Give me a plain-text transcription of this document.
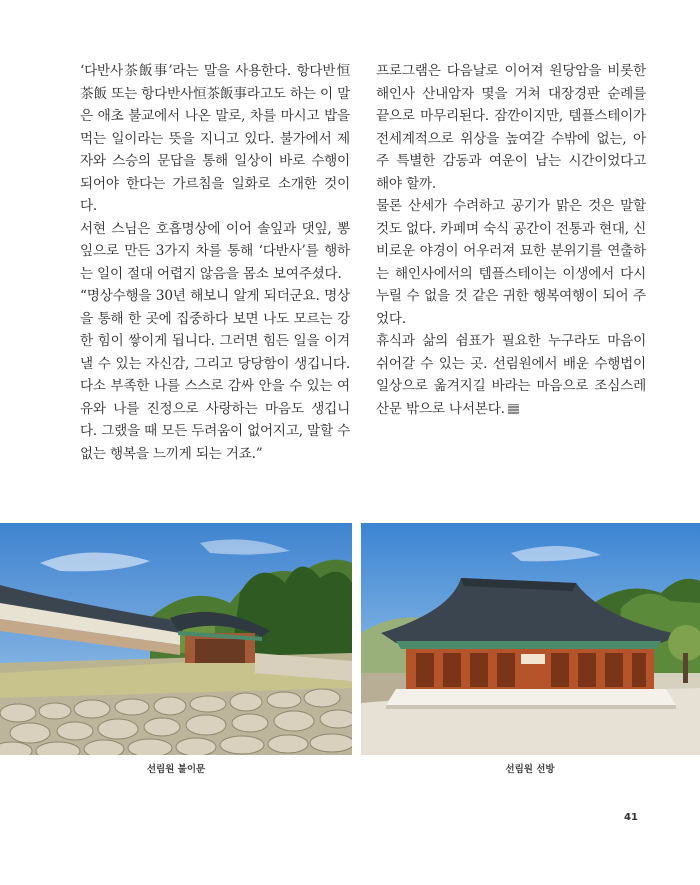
‘다반사茶飯事’라는 말을 사용한다. 항다반恒茶飯 또는 항다반사恒茶飯事라고도 하는 이 말은 애초 불교에서 나온 말로, 차를 마시고 밥을 먹는 일이라는 뜻을 지니고 있다. 불가에서 제자와 스승의 문답을 통해 일상이 바로 수행이 되어야 한다는 가르침을 일화로 소개한 것이다.

서현 스님은 호흡명상에 이어 솔잎과 댓잎, 뽕잎으로 만든 3가지 차를 통해 ‘다반사’를 행하는 일이 절대 어렵지 않음을 몸소 보여주셨다.

“명상수행을 30년 해보니 알게 되더군요. 명상을 통해 한 곳에 집중하다 보면 나도 모르는 강한 힘이 쌓이게 됩니다. 그러면 힘든 일을 이겨낼 수 있는 자신감, 그리고 당당함이 생깁니다. 다소 부족한 나를 스스로 감싸 안을 수 있는 여유와 나를 진정으로 사랑하는 마음도 생깁니다. 그랬을 때 모든 두려움이 없어지고, 말할 수 없는 행복을 느끼게 되는 거죠.”

프로그램은 다음날로 이어져 원당암을 비롯한 해인사 산내암자 몇을 거쳐 대장경판 순례를 끝으로 마무리된다. 잠깐이지만, 템플스테이가 전세계적으로 위상을 높여갈 수밖에 없는, 아주 특별한 감동과 여운이 남는 시간이었다고 해야 할까.

물론 산세가 수려하고 공기가 맑은 것은 말할 것도 없다. 카페며 숙식 공간이 전통과 현대, 신비로운 야경이 어우러져 묘한 분위기를 연출하는 해인사에서의 템플스테이는 이생에서 다시 누릴 수 없을 것 같은 귀한 행복여행이 되어 주었다.

휴식과 삶의 쉼표가 필요한 누구라도 마음이 쉬어갈 수 있는 곳. 선림원에서 배운 수행법이 일상으로 옮겨지길 바라는 마음으로 조심스레 산문 밖으로 나서본다.

선림원 불이문	선림원 선방
41
